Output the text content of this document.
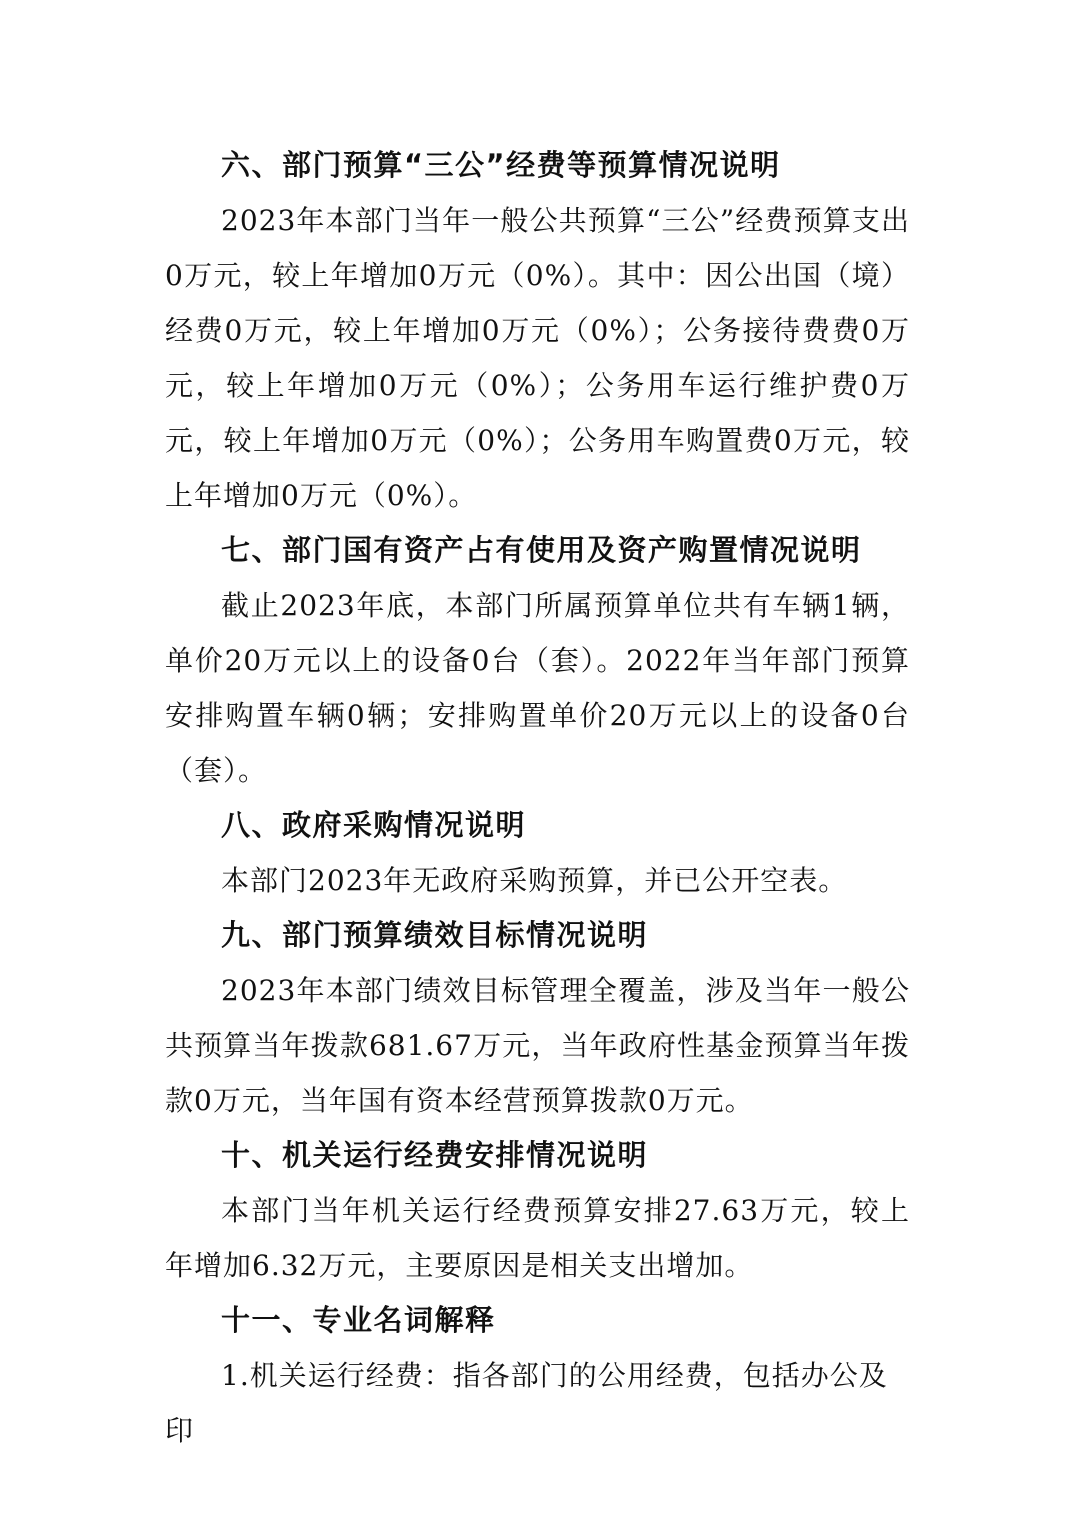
六、部门预算“三公”经费等预算情况说明

2023年本部门当年一般公共预算“三公”经费预算支出0万元，较上年增加0万元（0%）。其中：因公出国（境）经费0万元，较上年增加0万元（0%）；公务接待费费0万元，较上年增加0万元（0%）；公务用车运行维护费0万元，较上年增加0万元（0%）；公务用车购置费0万元，较上年增加0万元（0%）。

七、部门国有资产占有使用及资产购置情况说明

截止2023年底，本部门所属预算单位共有车辆1辆，单价20万元以上的设备0台（套）。2022年当年部门预算安排购置车辆0辆；安排购置单价20万元以上的设备0台（套）。

八、政府采购情况说明

本部门2023年无政府采购预算，并已公开空表。

九、部门预算绩效目标情况说明

2023年本部门绩效目标管理全覆盖，涉及当年一般公共预算当年拨款681.67万元，当年政府性基金预算当年拨款0万元，当年国有资本经营预算拨款0万元。

十、机关运行经费安排情况说明

本部门当年机关运行经费预算安排27.63万元，较上年增加6.32万元，主要原因是相关支出增加。

十一、专业名词解释

1.机关运行经费：指各部门的公用经费，包括办公及印
